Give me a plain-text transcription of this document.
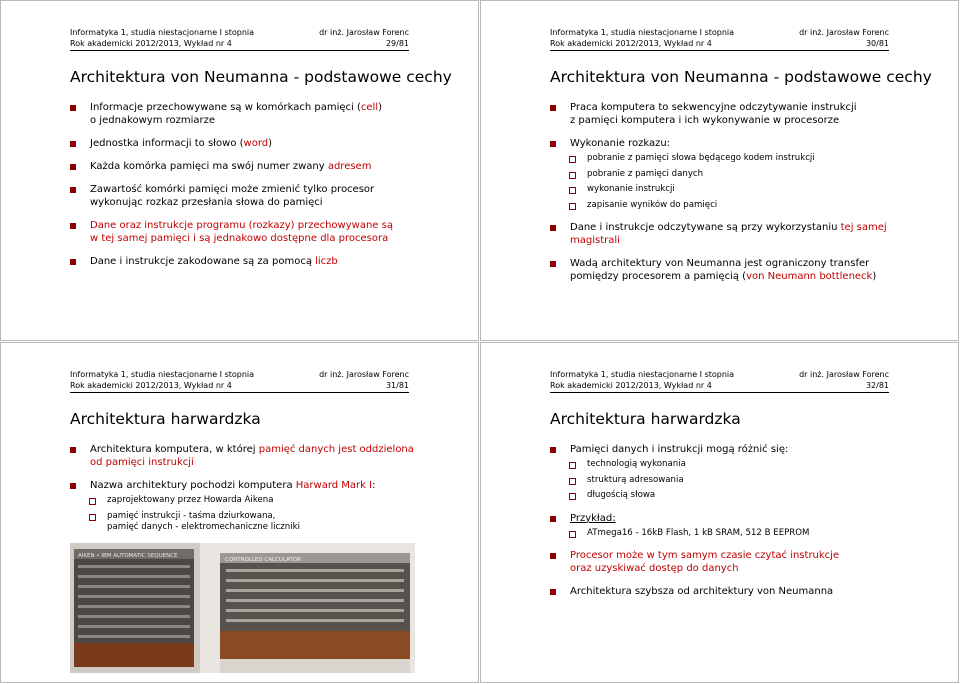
Informatyka 1, studia niestacjonarne I stopnia
Rok akademicki 2012/2013, Wykład nr 4
dr inż. Jarosław Forenc
29/81
Architektura von Neumanna - podstawowe cechy
Informacje przechowywane są w komórkach pamięci (cell)
o jednakowym rozmiarze
Jednostka informacji to słowo (word)
Każda komórka pamięci ma swój numer zwany adresem
Zawartość komórki pamięci może zmienić tylko procesor
wykonując rozkaz przesłania słowa do pamięci
Dane oraz instrukcje programu (rozkazy) przechowywane są
w tej samej pamięci i są jednakowo dostępne dla procesora
Dane i instrukcje zakodowane są za pomocą liczb
Informatyka 1, studia niestacjonarne I stopnia
Rok akademicki 2012/2013, Wykład nr 4
dr inż. Jarosław Forenc
30/81
Architektura von Neumanna - podstawowe cechy
Praca komputera to sekwencyjne odczytywanie instrukcji
z pamięci komputera i ich wykonywanie w procesorze
Wykonanie rozkazu:
pobranie z pamięci słowa będącego kodem instrukcji
pobranie z pamięci danych
wykonanie instrukcji
zapisanie wyników do pamięci
Dane i instrukcje odczytywane są przy wykorzystaniu tej samej
magistrali
Wadą architektury von Neumanna jest ograniczony transfer
pomiędzy procesorem a pamięcią (von Neumann bottleneck)
Informatyka 1, studia niestacjonarne I stopnia
Rok akademicki 2012/2013, Wykład nr 4
dr inż. Jarosław Forenc
31/81
Architektura harwardzka
Architektura komputera, w której pamięć danych jest oddzielona
od pamięci instrukcji
Nazwa architektury pochodzi komputera Harward Mark I:
zaprojektowany przez Howarda Aikena
pamięć instrukcji - taśma dziurkowana,
pamięć danych - elektromechaniczne liczniki
AIKEN • IBM AUTOMATIC SEQUENCE
CONTROLLED CALCULATOR
Informatyka 1, studia niestacjonarne I stopnia
Rok akademicki 2012/2013, Wykład nr 4
dr inż. Jarosław Forenc
32/81
Architektura harwardzka
Pamięci danych i instrukcji mogą różnić się:
technologią wykonania
strukturą adresowania
długością słowa
Przykład:
ATmega16 - 16kB Flash, 1 kB SRAM, 512 B EEPROM
Procesor może w tym samym czasie czytać instrukcje
oraz uzyskiwać dostęp do danych
Architektura szybsza od architektury von Neumanna
